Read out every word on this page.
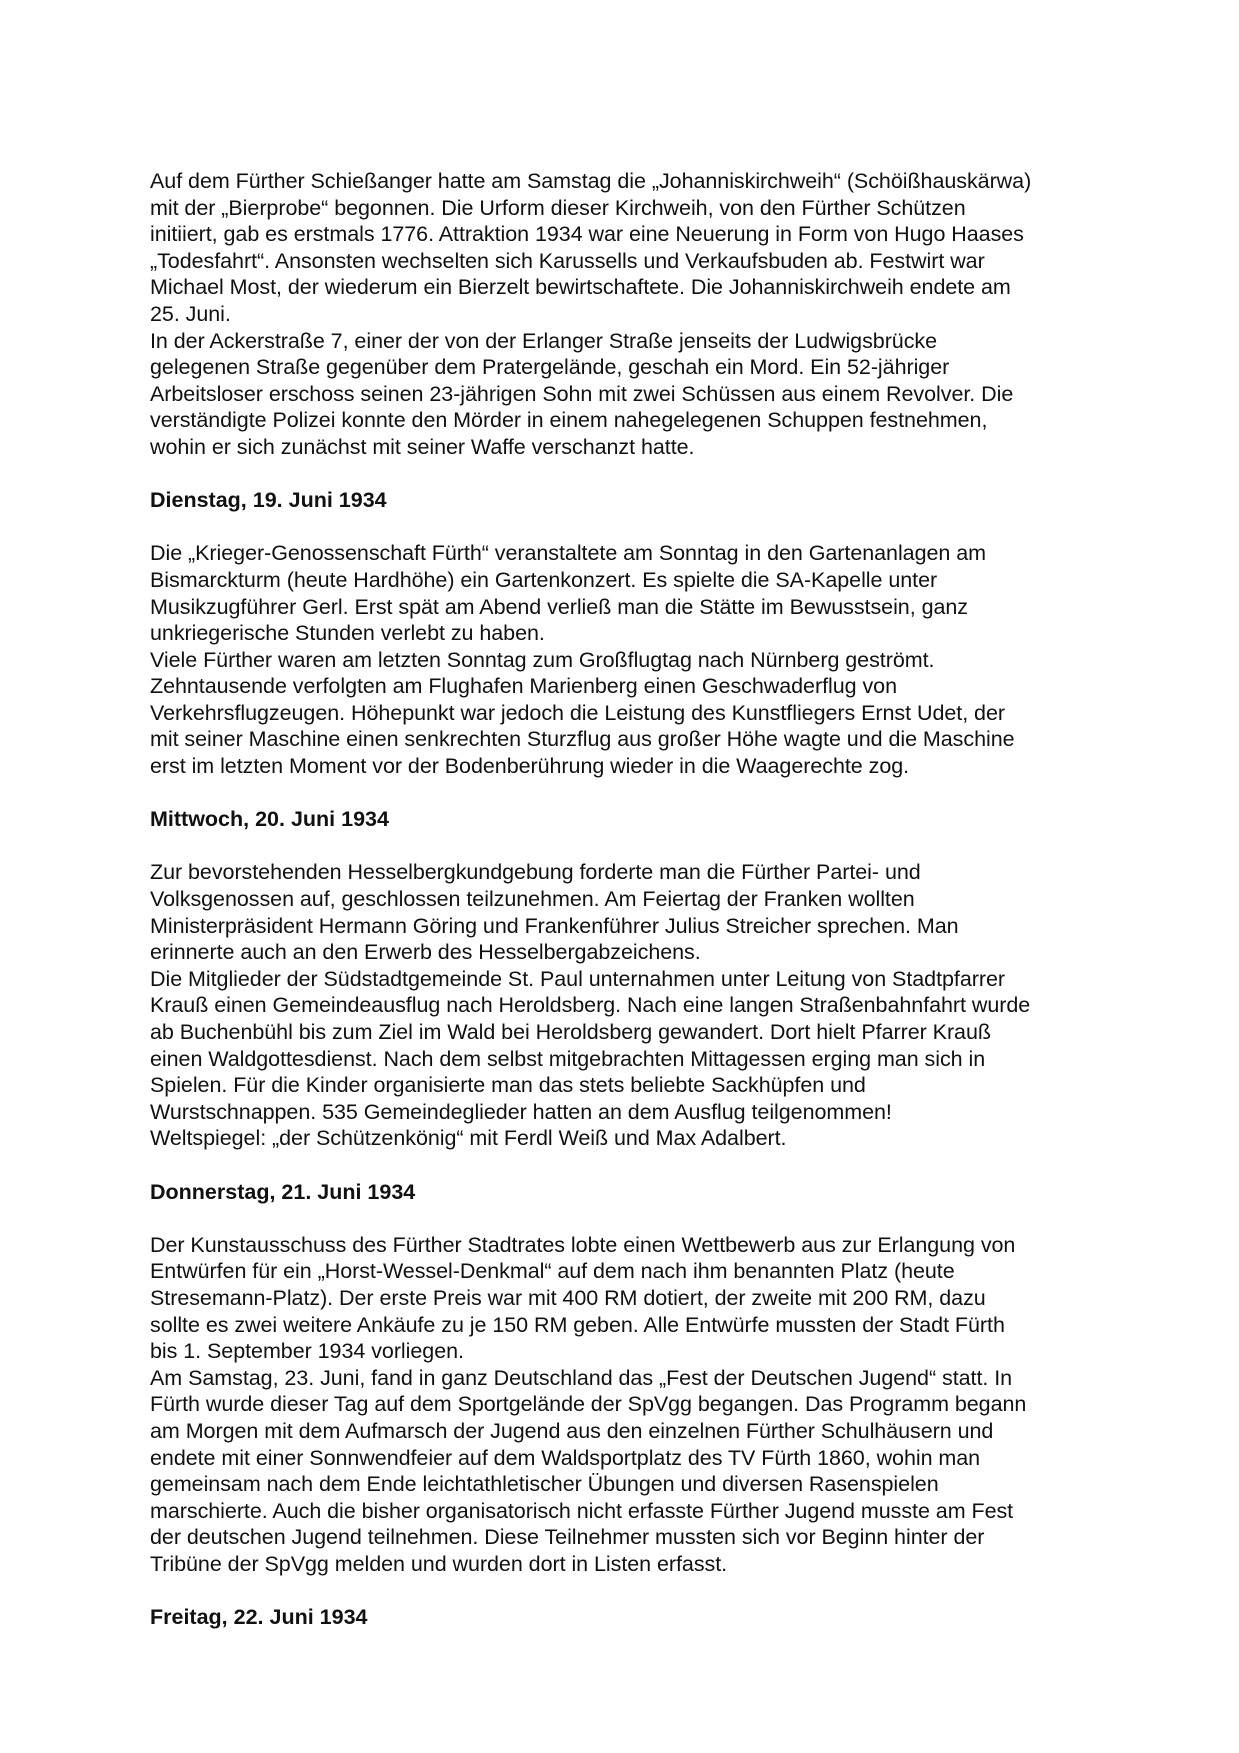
Auf dem Fürther Schießanger hatte am Samstag die „Johanniskirchweih“ (Schöißhauskärwa)
mit der „Bierprobe“ begonnen. Die Urform dieser Kirchweih, von den Fürther Schützen
initiiert, gab es erstmals 1776. Attraktion 1934 war eine Neuerung in Form von Hugo Haases
„Todesfahrt“. Ansonsten wechselten sich Karussells und Verkaufsbuden ab. Festwirt war
Michael Most, der wiederum ein Bierzelt bewirtschaftete. Die Johanniskirchweih endete am
25. Juni.
In der Ackerstraße 7, einer der von der Erlanger Straße jenseits der Ludwigsbrücke
gelegenen Straße gegenüber dem Pratergelände, geschah ein Mord. Ein 52-jähriger
Arbeitsloser erschoss seinen 23-jährigen Sohn mit zwei Schüssen aus einem Revolver. Die
verständigte Polizei konnte den Mörder in einem nahegelegenen Schuppen festnehmen,
wohin er sich zunächst mit seiner Waffe verschanzt hatte.
Dienstag, 19. Juni 1934
Die „Krieger-Genossenschaft Fürth“ veranstaltete am Sonntag in den Gartenanlagen am
Bismarckturm (heute Hardhöhe) ein Gartenkonzert. Es spielte die SA-Kapelle unter
Musikzugführer Gerl. Erst spät am Abend verließ man die Stätte im Bewusstsein, ganz
unkriegerische Stunden verlebt zu haben.
Viele Fürther waren am letzten Sonntag zum Großflugtag nach Nürnberg geströmt.
Zehntausende verfolgten am Flughafen Marienberg einen Geschwaderflug von
Verkehrsflugzeugen. Höhepunkt war jedoch die Leistung des Kunstfliegers Ernst Udet, der
mit seiner Maschine einen senkrechten Sturzflug aus großer Höhe wagte und die Maschine
erst im letzten Moment vor der Bodenberührung wieder in die Waagerechte zog.
Mittwoch, 20. Juni 1934
Zur bevorstehenden Hesselbergkundgebung forderte man die Fürther Partei- und
Volksgenossen auf, geschlossen teilzunehmen. Am Feiertag der Franken wollten
Ministerpräsident Hermann Göring und Frankenführer Julius Streicher sprechen. Man
erinnerte auch an den Erwerb des Hesselbergabzeichens.
Die Mitglieder der Südstadtgemeinde St. Paul unternahmen unter Leitung von Stadtpfarrer
Krauß einen Gemeindeausflug nach Heroldsberg. Nach eine langen Straßenbahnfahrt wurde
ab Buchenbühl bis zum Ziel im Wald bei Heroldsberg gewandert. Dort hielt Pfarrer Krauß
einen Waldgottesdienst. Nach dem selbst mitgebrachten Mittagessen erging man sich in
Spielen. Für die Kinder organisierte man das stets beliebte Sackhüpfen und
Wurstschnappen. 535 Gemeindeglieder hatten an dem Ausflug teilgenommen!
Weltspiegel: „der Schützenkönig“ mit Ferdl Weiß und Max Adalbert.
Donnerstag, 21. Juni 1934
Der Kunstausschuss des Fürther Stadtrates lobte einen Wettbewerb aus zur Erlangung von
Entwürfen für ein „Horst-Wessel-Denkmal“ auf dem nach ihm benannten Platz (heute
Stresemann-Platz). Der erste Preis war mit 400 RM dotiert, der zweite mit 200 RM, dazu
sollte es zwei weitere Ankäufe zu je 150 RM geben. Alle Entwürfe mussten der Stadt Fürth
bis 1. September 1934 vorliegen.
Am Samstag, 23. Juni, fand in ganz Deutschland das „Fest der Deutschen Jugend“ statt. In
Fürth wurde dieser Tag auf dem Sportgelände der SpVgg begangen. Das Programm begann
am Morgen mit dem Aufmarsch der Jugend aus den einzelnen Fürther Schulhäusern und
endete mit einer Sonnwendfeier auf dem Waldsportplatz des TV Fürth 1860, wohin man
gemeinsam nach dem Ende leichtathletischer Übungen und diversen Rasenspielen
marschierte. Auch die bisher organisatorisch nicht erfasste Fürther Jugend musste am Fest
der deutschen Jugend teilnehmen. Diese Teilnehmer mussten sich vor Beginn hinter der
Tribüne der SpVgg melden und wurden dort in Listen erfasst.
Freitag, 22. Juni 1934
